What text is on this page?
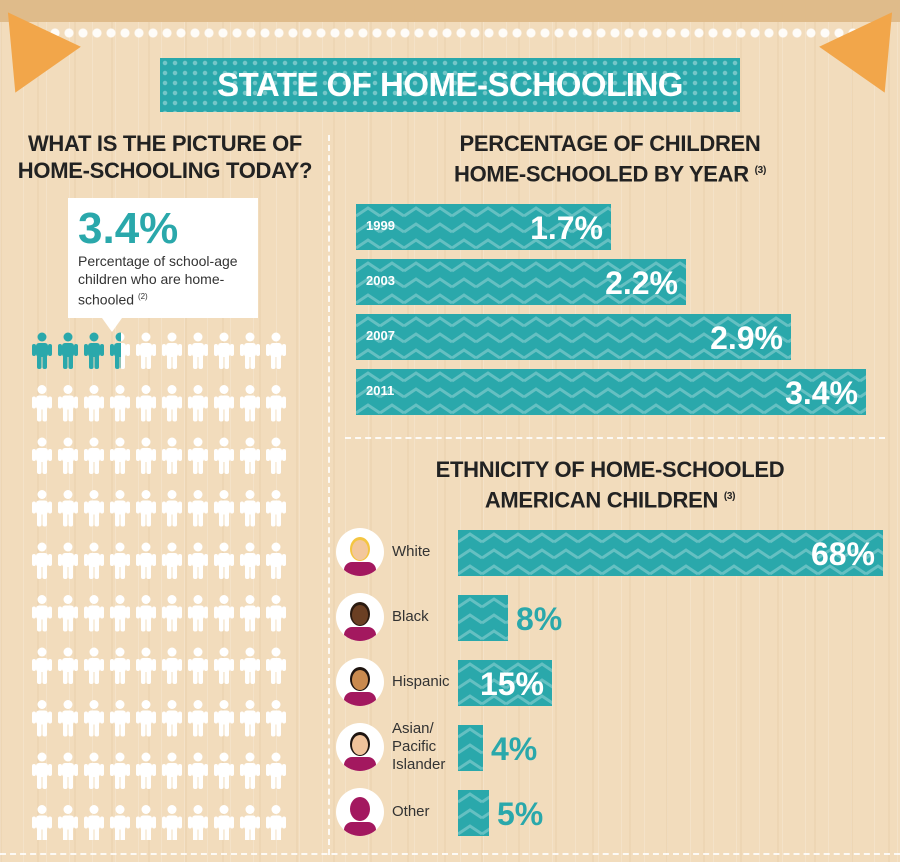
STATE OF HOME-SCHOOLING
WHAT IS THE PICTURE OF
HOME-SCHOOLING TODAY?
3.4%
Percentage of school-age children who are home-schooled $^{(2)}$
PERCENTAGE OF CHILDREN
HOME-SCHOOLED BY YEAR $^{(3)}$
1999	1.7%
2003	2.2%
2007	2.9%
2011	3.4%
ETHNICITY OF HOME-SCHOOLED
AMERICAN CHILDREN $^{(3)}$
White	68%
Black	8%
Hispanic 15%
Asian/
Pacific
Islander 4%
Other 5%
